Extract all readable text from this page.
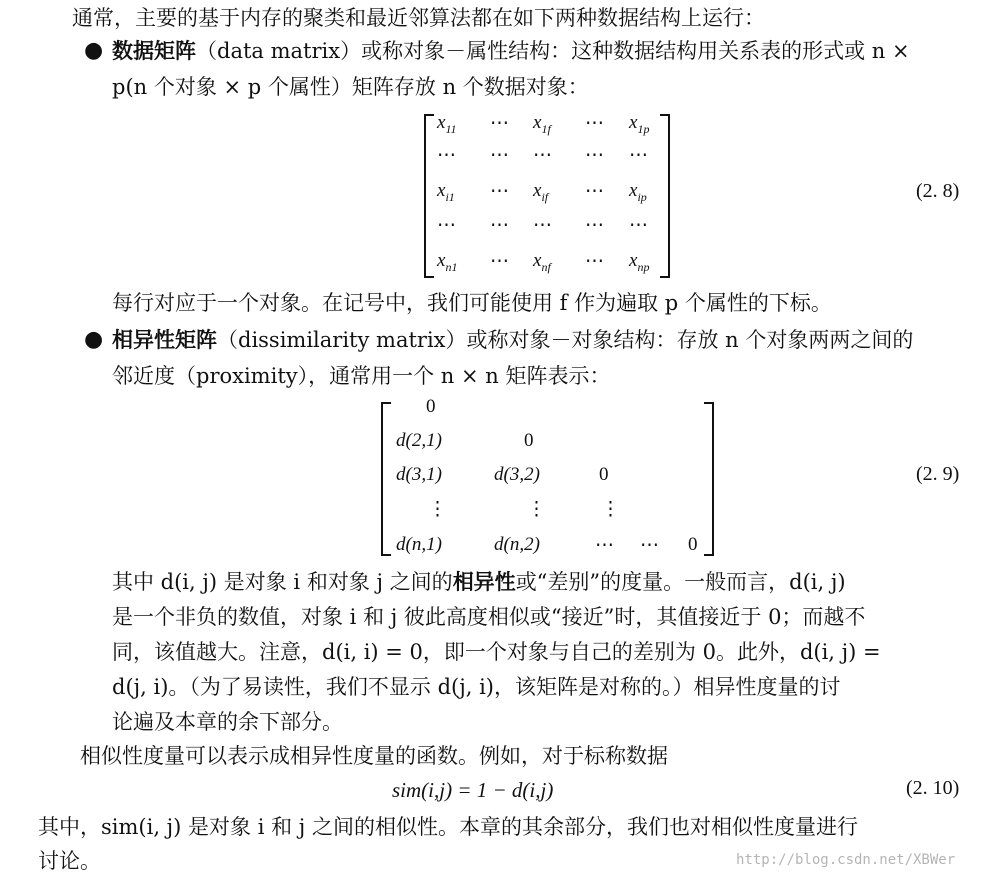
通常，主要的基于内存的聚类和最近邻算法都在如下两种数据结构上运行：
● 数据矩阵（data matrix）或称对象－属性结构：这种数据结构用关系表的形式或 n ×
p(n 个对象 × p 个属性）矩阵存放 n 个数据对象：
$x_{11}$ ⋯ $x_{1f}$ ⋯ $x_{1p}$
⋯ ⋯ ⋯ ⋯ ⋯
$x_{i1}$ ⋯ $x_{if}$ ⋯ $x_{ip}$
⋯ ⋯ ⋯ ⋯ ⋯
$x_{n1}$ ⋯ $x_{nf}$ ⋯ $x_{np}$
(2. 8)
每行对应于一个对象。在记号中，我们可能使用 f 作为遍取 p 个属性的下标。
● 相异性矩阵（dissimilarity matrix）或称对象－对象结构：存放 n 个对象两两之间的
邻近度（proximity），通常用一个 n × n 矩阵表示：
0
d(2,1)	0
d(3,1)	d(3,2)	0
⋮	⋮	⋮
d(n,1)	d(n,2)	⋯ ⋯ 0
(2. 9)
其中 d(i, j) 是对象 i 和对象 j 之间的相异性或“差别”的度量。一般而言，d(i, j)
是一个非负的数值，对象 i 和 j 彼此高度相似或“接近”时，其值接近于 0；而越不
同，该值越大。注意，d(i, i) = 0，即一个对象与自己的差别为 0。此外，d(i, j) =
d(j, i)。（为了易读性，我们不显示 d(j, i)，该矩阵是对称的。）相异性度量的讨
论遍及本章的余下部分。
相似性度量可以表示成相异性度量的函数。例如，对于标称数据
sim(i,j) = 1 − d(i,j)	(2. 10)
其中，sim(i, j) 是对象 i 和 j 之间的相似性。本章的其余部分，我们也对相似性度量进行
讨论。	http://blog.csdn.net/XBWer
